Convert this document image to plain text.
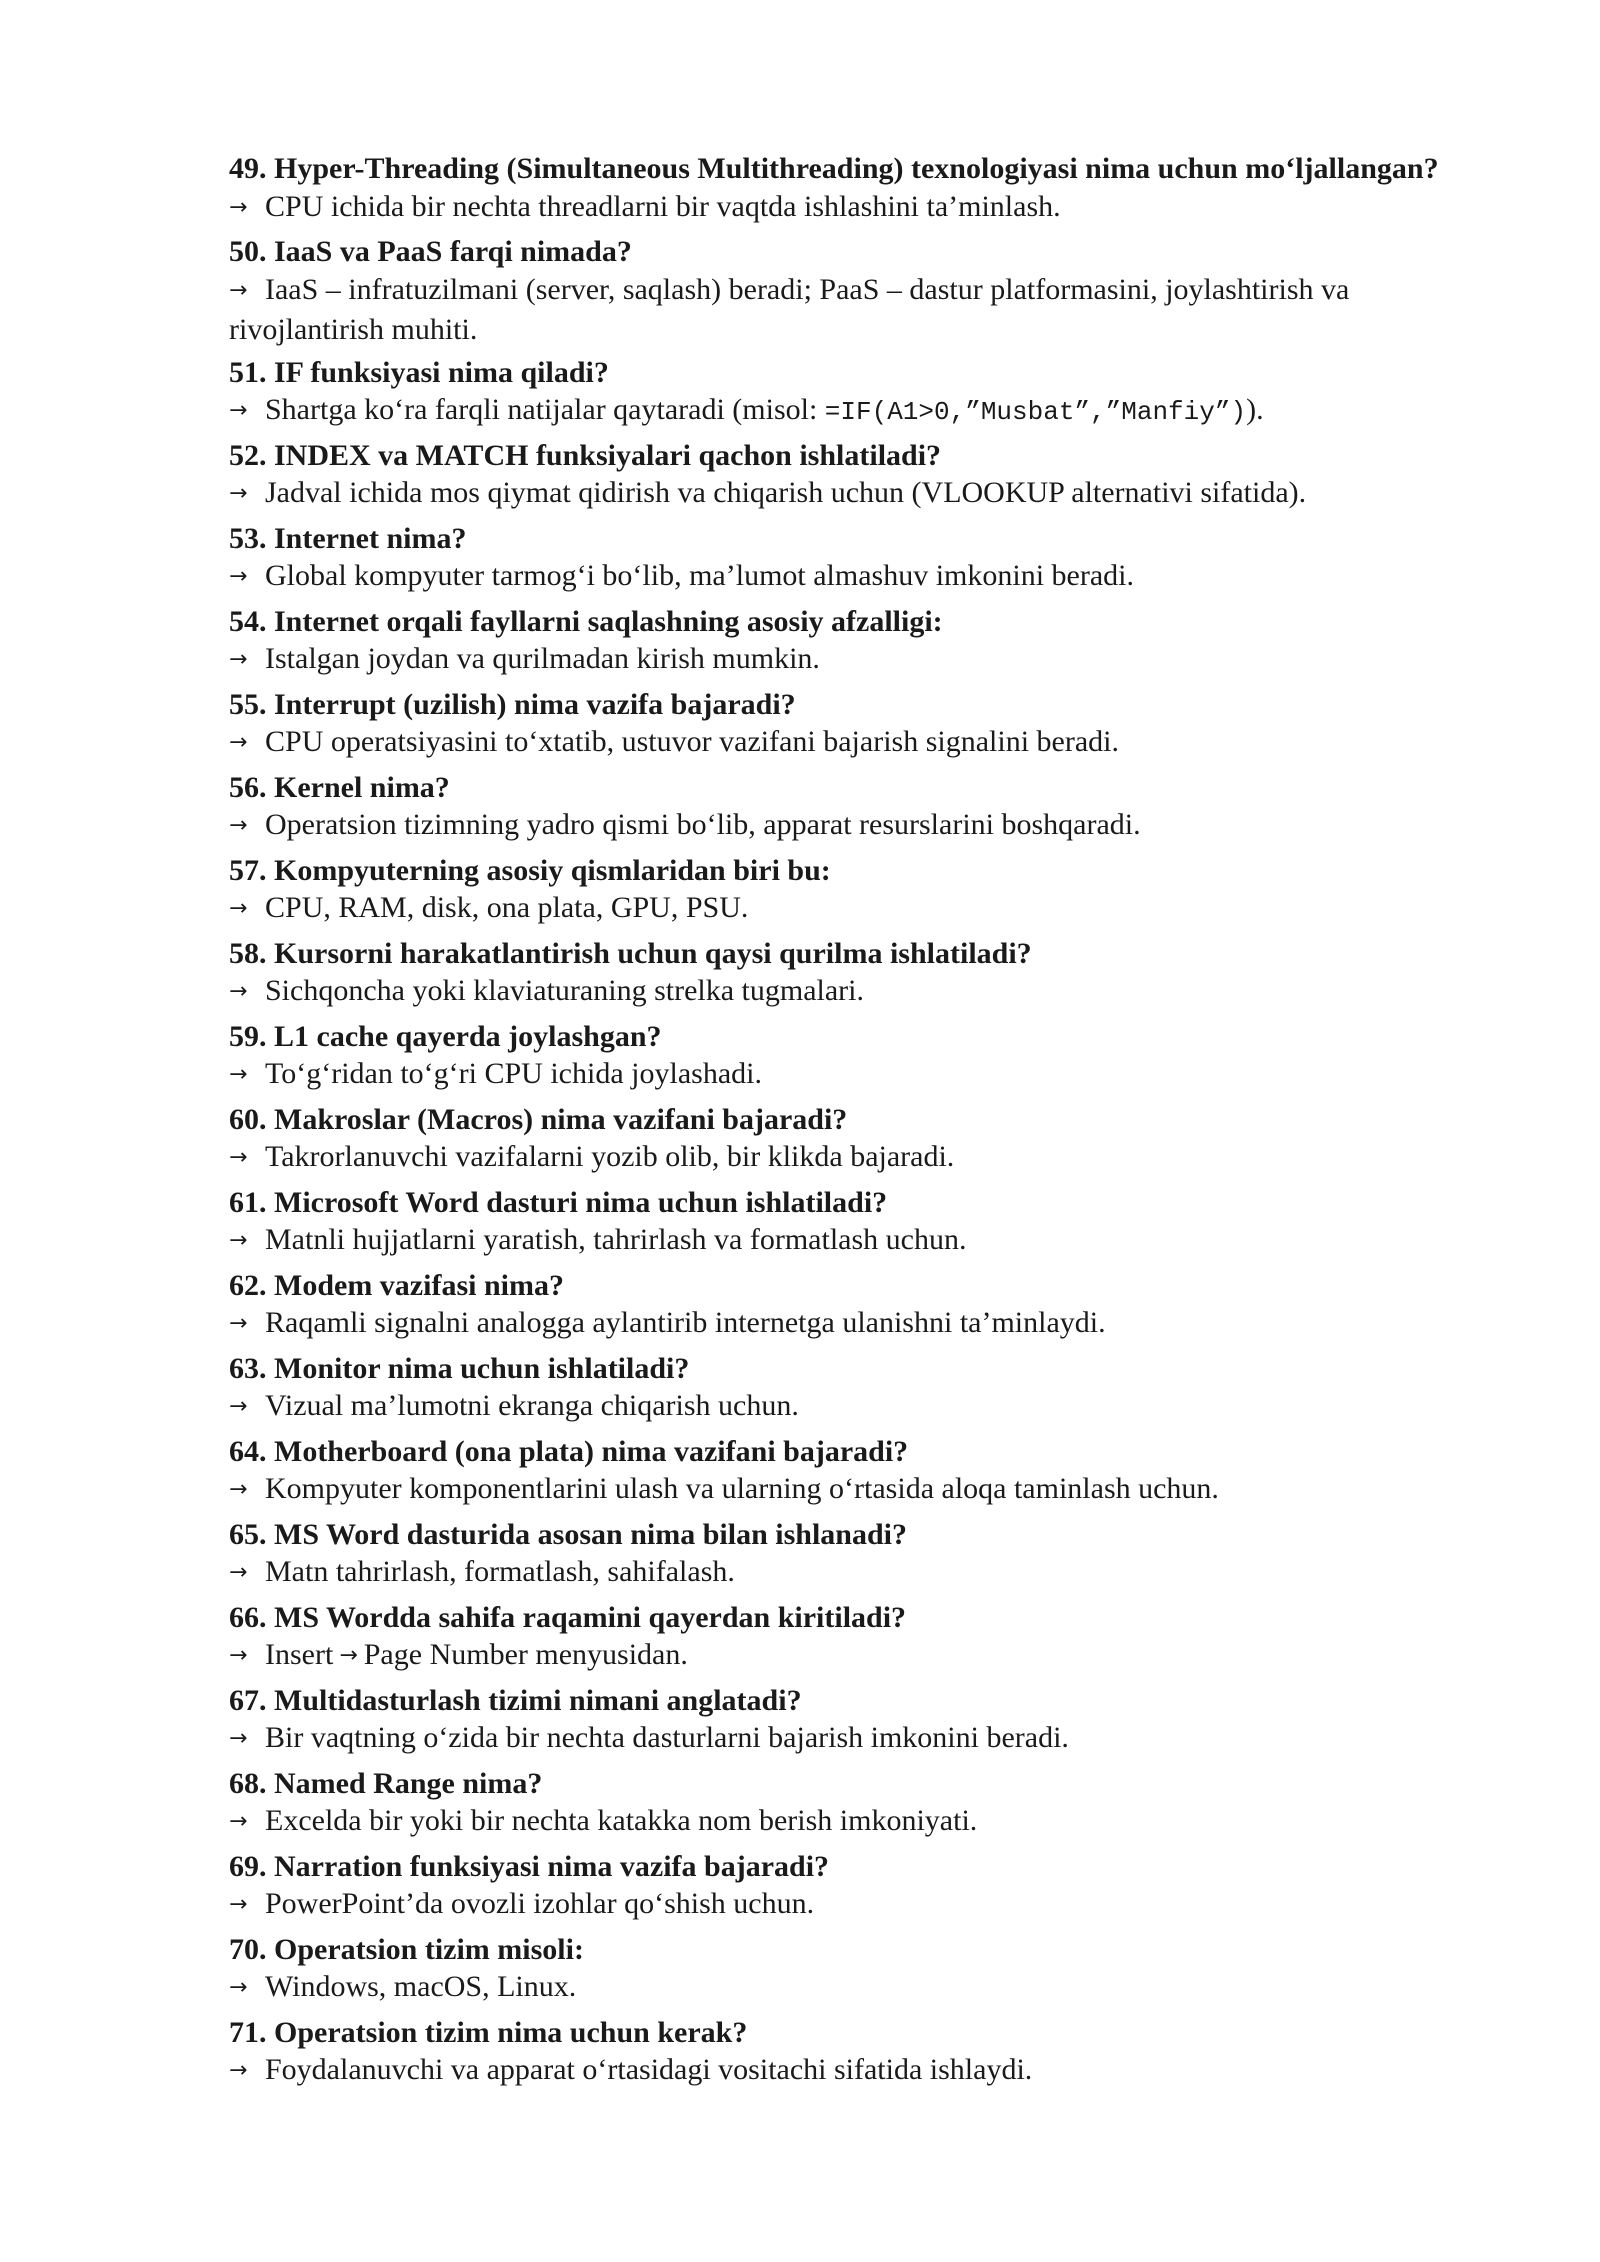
49. Hyper-Threading (Simultaneous Multithreading) texnologiyasi nima uchun mo‘ljallangan?

→ CPU ichida bir nechta threadlarni bir vaqtda ishlashini ta’minlash.

50. IaaS va PaaS farqi nimada?

→ IaaS – infratuzilmani (server, saqlash) beradi; PaaS – dastur platformasini, joylashtirish va rivojlantirish muhiti.

51. IF funksiyasi nima qiladi?

→ Shartga ko‘ra farqli natijalar qaytaradi (misol: =IF(A1>0,”Musbat”,”Manfiy”)).

52. INDEX va MATCH funksiyalari qachon ishlatiladi?

→ Jadval ichida mos qiymat qidirish va chiqarish uchun (VLOOKUP alternativi sifatida).

53. Internet nima?

→ Global kompyuter tarmog‘i bo‘lib, ma’lumot almashuv imkonini beradi.

54. Internet orqali fayllarni saqlashning asosiy afzalligi:

→ Istalgan joydan va qurilmadan kirish mumkin.

55. Interrupt (uzilish) nima vazifa bajaradi?

→ CPU operatsiyasini to‘xtatib, ustuvor vazifani bajarish signalini beradi.

56. Kernel nima?

→ Operatsion tizimning yadro qismi bo‘lib, apparat resurslarini boshqaradi.

57. Kompyuterning asosiy qismlaridan biri bu:

→ CPU, RAM, disk, ona plata, GPU, PSU.

58. Kursorni harakatlantirish uchun qaysi qurilma ishlatiladi?

→ Sichqoncha yoki klaviaturaning strelka tugmalari.

59. L1 cache qayerda joylashgan?

→ To‘g‘ridan to‘g‘ri CPU ichida joylashadi.

60. Makroslar (Macros) nima vazifani bajaradi?

→ Takrorlanuvchi vazifalarni yozib olib, bir klikda bajaradi.

61. Microsoft Word dasturi nima uchun ishlatiladi?

→ Matnli hujjatlarni yaratish, tahrirlash va formatlash uchun.

62. Modem vazifasi nima?

→ Raqamli signalni analogga aylantirib internetga ulanishni ta’minlaydi.

63. Monitor nima uchun ishlatiladi?

→ Vizual ma’lumotni ekranga chiqarish uchun.

64. Motherboard (ona plata) nima vazifani bajaradi?

→ Kompyuter komponentlarini ulash va ularning o‘rtasida aloqa taminlash uchun.

65. MS Word dasturida asosan nima bilan ishlanadi?

→ Matn tahrirlash, formatlash, sahifalash.

66. MS Wordda sahifa raqamini qayerdan kiritiladi?

→ Insert → Page Number menyusidan.

67. Multidasturlash tizimi nimani anglatadi?

→ Bir vaqtning o‘zida bir nechta dasturlarni bajarish imkonini beradi.

68. Named Range nima?

→ Excelda bir yoki bir nechta katakka nom berish imkoniyati.

69. Narration funksiyasi nima vazifa bajaradi?

→ PowerPoint’da ovozli izohlar qo‘shish uchun.

70. Operatsion tizim misoli:

→ Windows, macOS, Linux.

71. Operatsion tizim nima uchun kerak?

→ Foydalanuvchi va apparat o‘rtasidagi vositachi sifatida ishlaydi.
